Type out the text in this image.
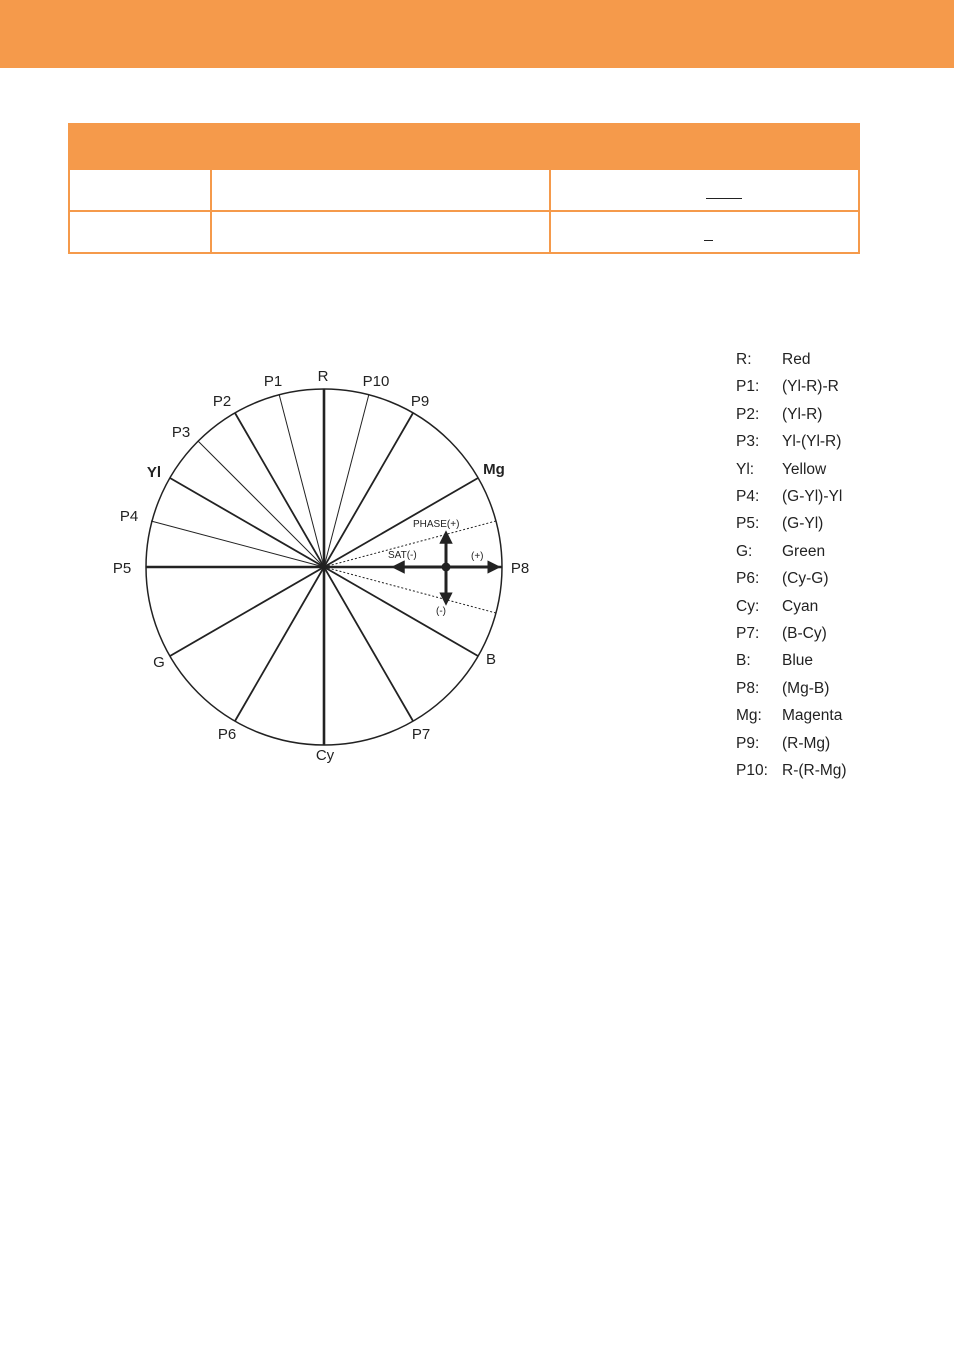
PHASE(+)
SAT(-)	(+)
(-)
R
P1	P10
P2	P9
P3
Yl	Mg
P4
P5	P8
G	B
P6	P7
Cy
R:	Red
P1:	(Yl-R)-R
P2:	(Yl-R)
P3:	Yl-(Yl-R)
Yl:	Yellow
P4:	(G-Yl)-Yl
P5:	(G-Yl)
G:	Green
P6:	(Cy-G)
Cy:	Cyan
P7:	(B-Cy)
B:	Blue
P8:	(Mg-B)
Mg:	Magenta
P9:	(R-Mg)
P10: R-(R-Mg)
